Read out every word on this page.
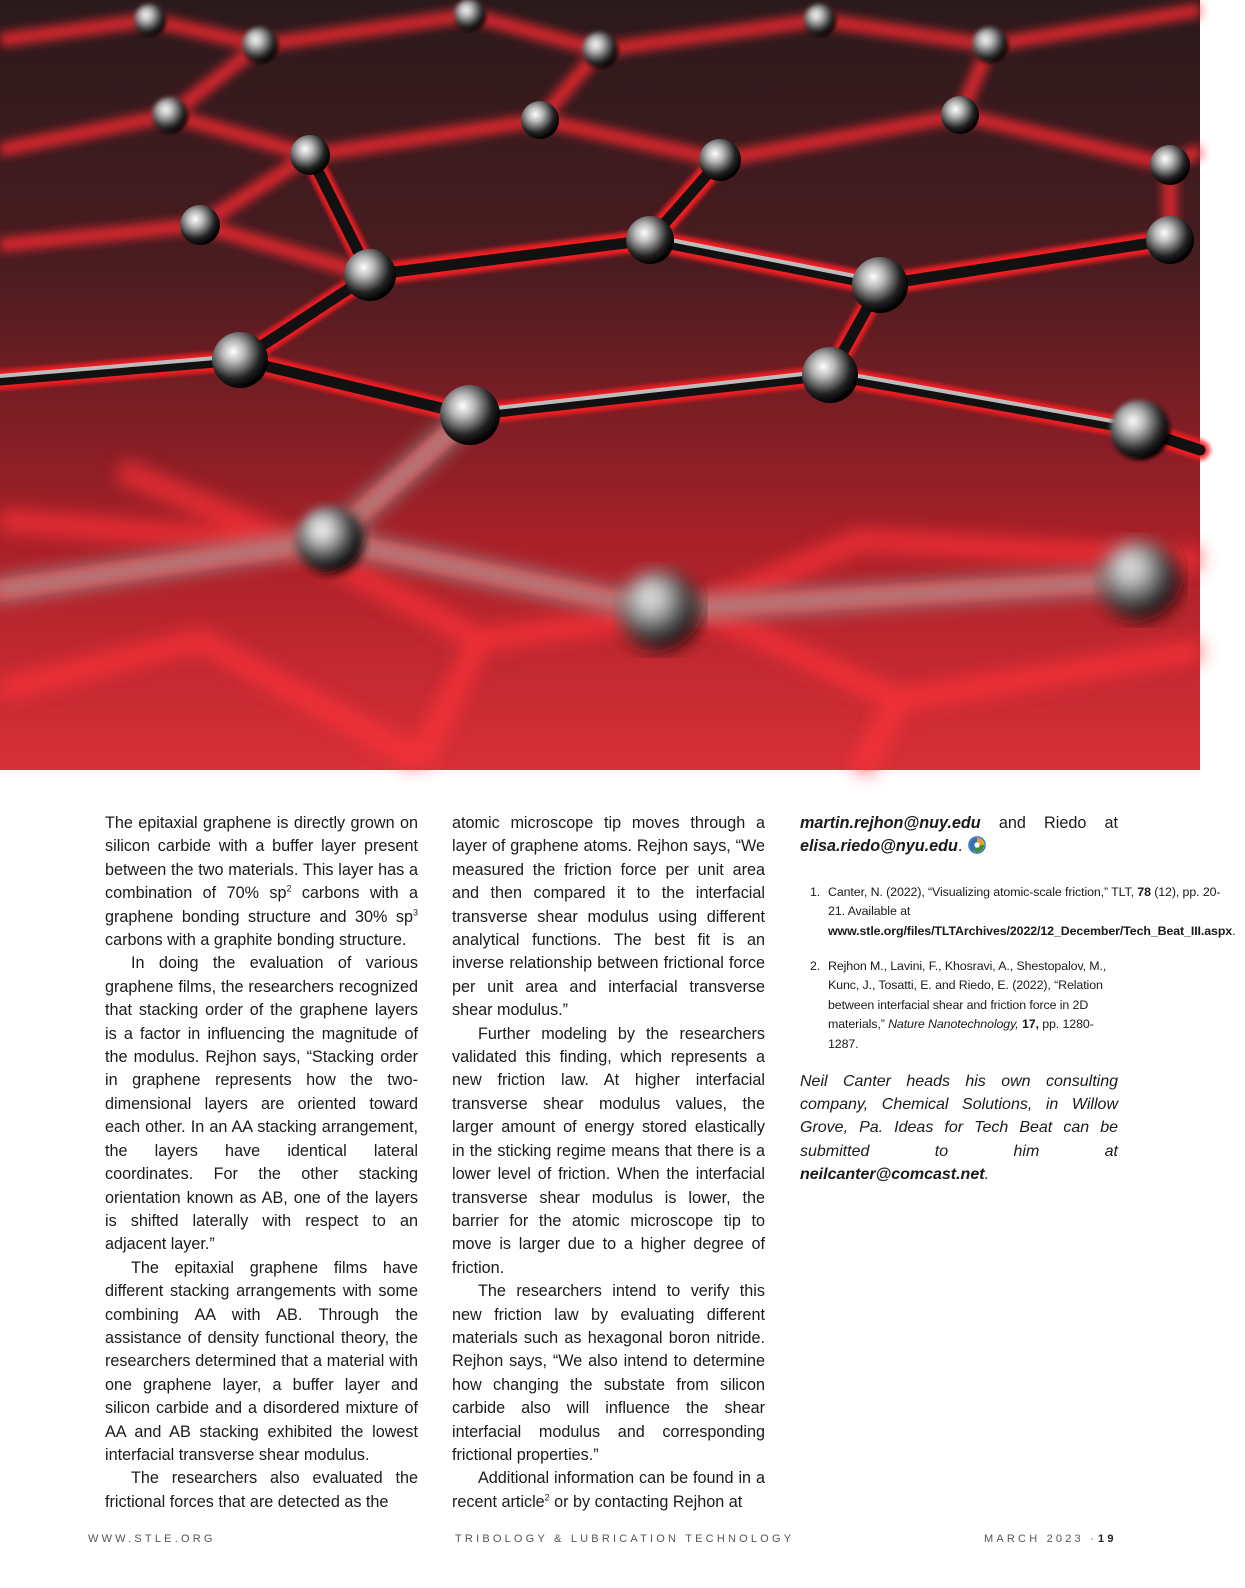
The epitaxial graphene is directly grown on silicon carbide with a buffer layer present between the two materials. This layer has a combination of 70% $sp^2$ carbons with a graphene bonding structure and 30% $sp^3$ carbons with a graphite bonding structure.

In doing the evaluation of various graphene films, the researchers recognized that stacking order of the graphene layers is a factor in influencing the magnitude of the modulus. Rejhon says, “Stacking order in graphene represents how the two-dimensional layers are oriented toward each other. In an AA stacking arrangement, the layers have identical lateral coordinates. For the other stacking orientation known as AB, one of the layers is shifted laterally with respect to an adjacent layer.”

The epitaxial graphene films have different stacking arrangements with some combining AA with AB. Through the assistance of density functional theory, the researchers determined that a material with one graphene layer, a buffer layer and silicon carbide and a disordered mixture of AA and AB stacking exhibited the lowest interfacial transverse shear modulus.

The researchers also evaluated the frictional forces that are detected as the

atomic microscope tip moves through a layer of graphene atoms. Rejhon says, “We measured the friction force per unit area and then compared it to the interfacial transverse shear modulus using different analytical functions. The best fit is an inverse relationship between frictional force per unit area and interfacial transverse shear modulus.”

Further modeling by the researchers validated this finding, which represents a new friction law. At higher interfacial transverse shear modulus values, the larger amount of energy stored elastically in the sticking regime means that there is a lower level of friction. When the interfacial transverse shear modulus is lower, the barrier for the atomic microscope tip to move is larger due to a higher degree of friction.

The researchers intend to verify this new friction law by evaluating different materials such as hexagonal boron nitride. Rejhon says, “We also intend to determine how changing the substate from silicon carbide also will influence the shear interfacial modulus and corresponding frictional properties.”

Additional information can be found in a recent article$^2$ or by contacting Rejhon at

martin.rejhon@nuy.edu and Riedo at elisa.riedo@nyu.edu.

1. Canter, N. (2022), “Visualizing atomic-scale friction,” TLT, 78 (12), pp. 20-21. Available at www.stle.org/files/TLTArchives/2022/12_December/Tech_Beat_III.aspx.
2. Rejhon M., Lavini, F., Khosravi, A., Shestopalov, M., Kunc, J., Tosatti, E. and Riedo, E. (2022), “Relation between interfacial shear and friction force in 2D materials,” Nature Nanotechnology, 17, pp. 1280-1287.

Neil Canter heads his own consulting company, Chemical Solutions, in Willow Grove, Pa. Ideas for Tech Beat can be submitted to him at neilcanter@comcast.net.

WWW.STLE.ORG	TRIBOLOGY & LUBRICATION TECHNOLOGY	MARCH 2023 · 19
